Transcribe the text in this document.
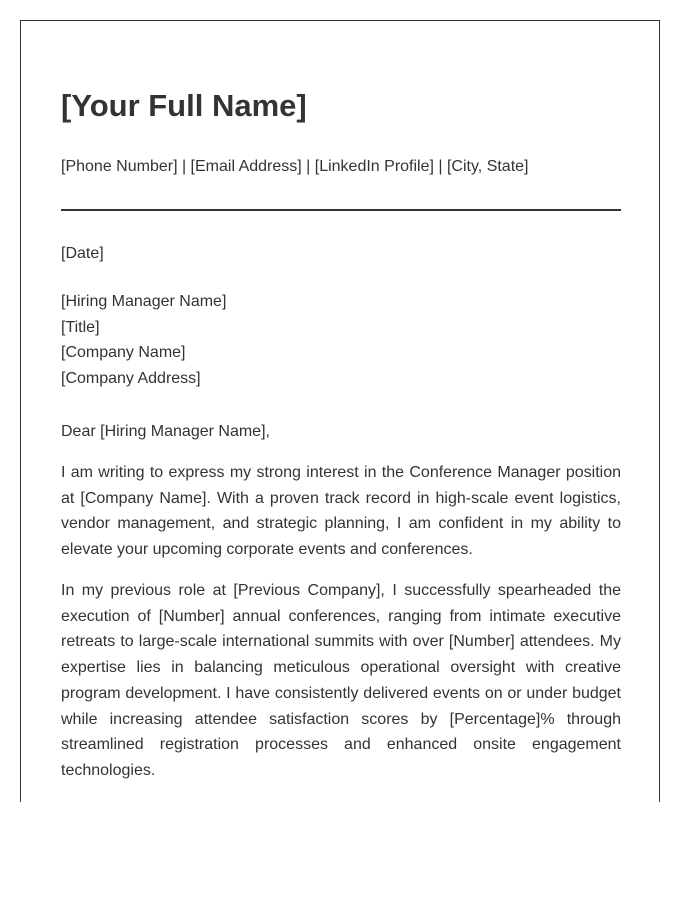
[Your Full Name]
[Phone Number] | [Email Address] | [LinkedIn Profile] | [City, State]
[Date]
[Hiring Manager Name]
[Title]
[Company Name]
[Company Address]
Dear [Hiring Manager Name],

I am writing to express my strong interest in the Conference Manager position at [Company Name]. With a proven track record in high-scale event logistics, vendor management, and strategic planning, I am confident in my ability to elevate your upcoming corporate events and conferences.

In my previous role at [Previous Company], I successfully spearheaded the execution of [Number] annual conferences, ranging from intimate executive retreats to large-scale international summits with over [Number] attendees. My expertise lies in balancing meticulous operational oversight with creative program development. I have consistently delivered events on or under budget while increasing attendee satisfaction scores by [Percentage]% through streamlined registration processes and enhanced onsite engagement technologies.
